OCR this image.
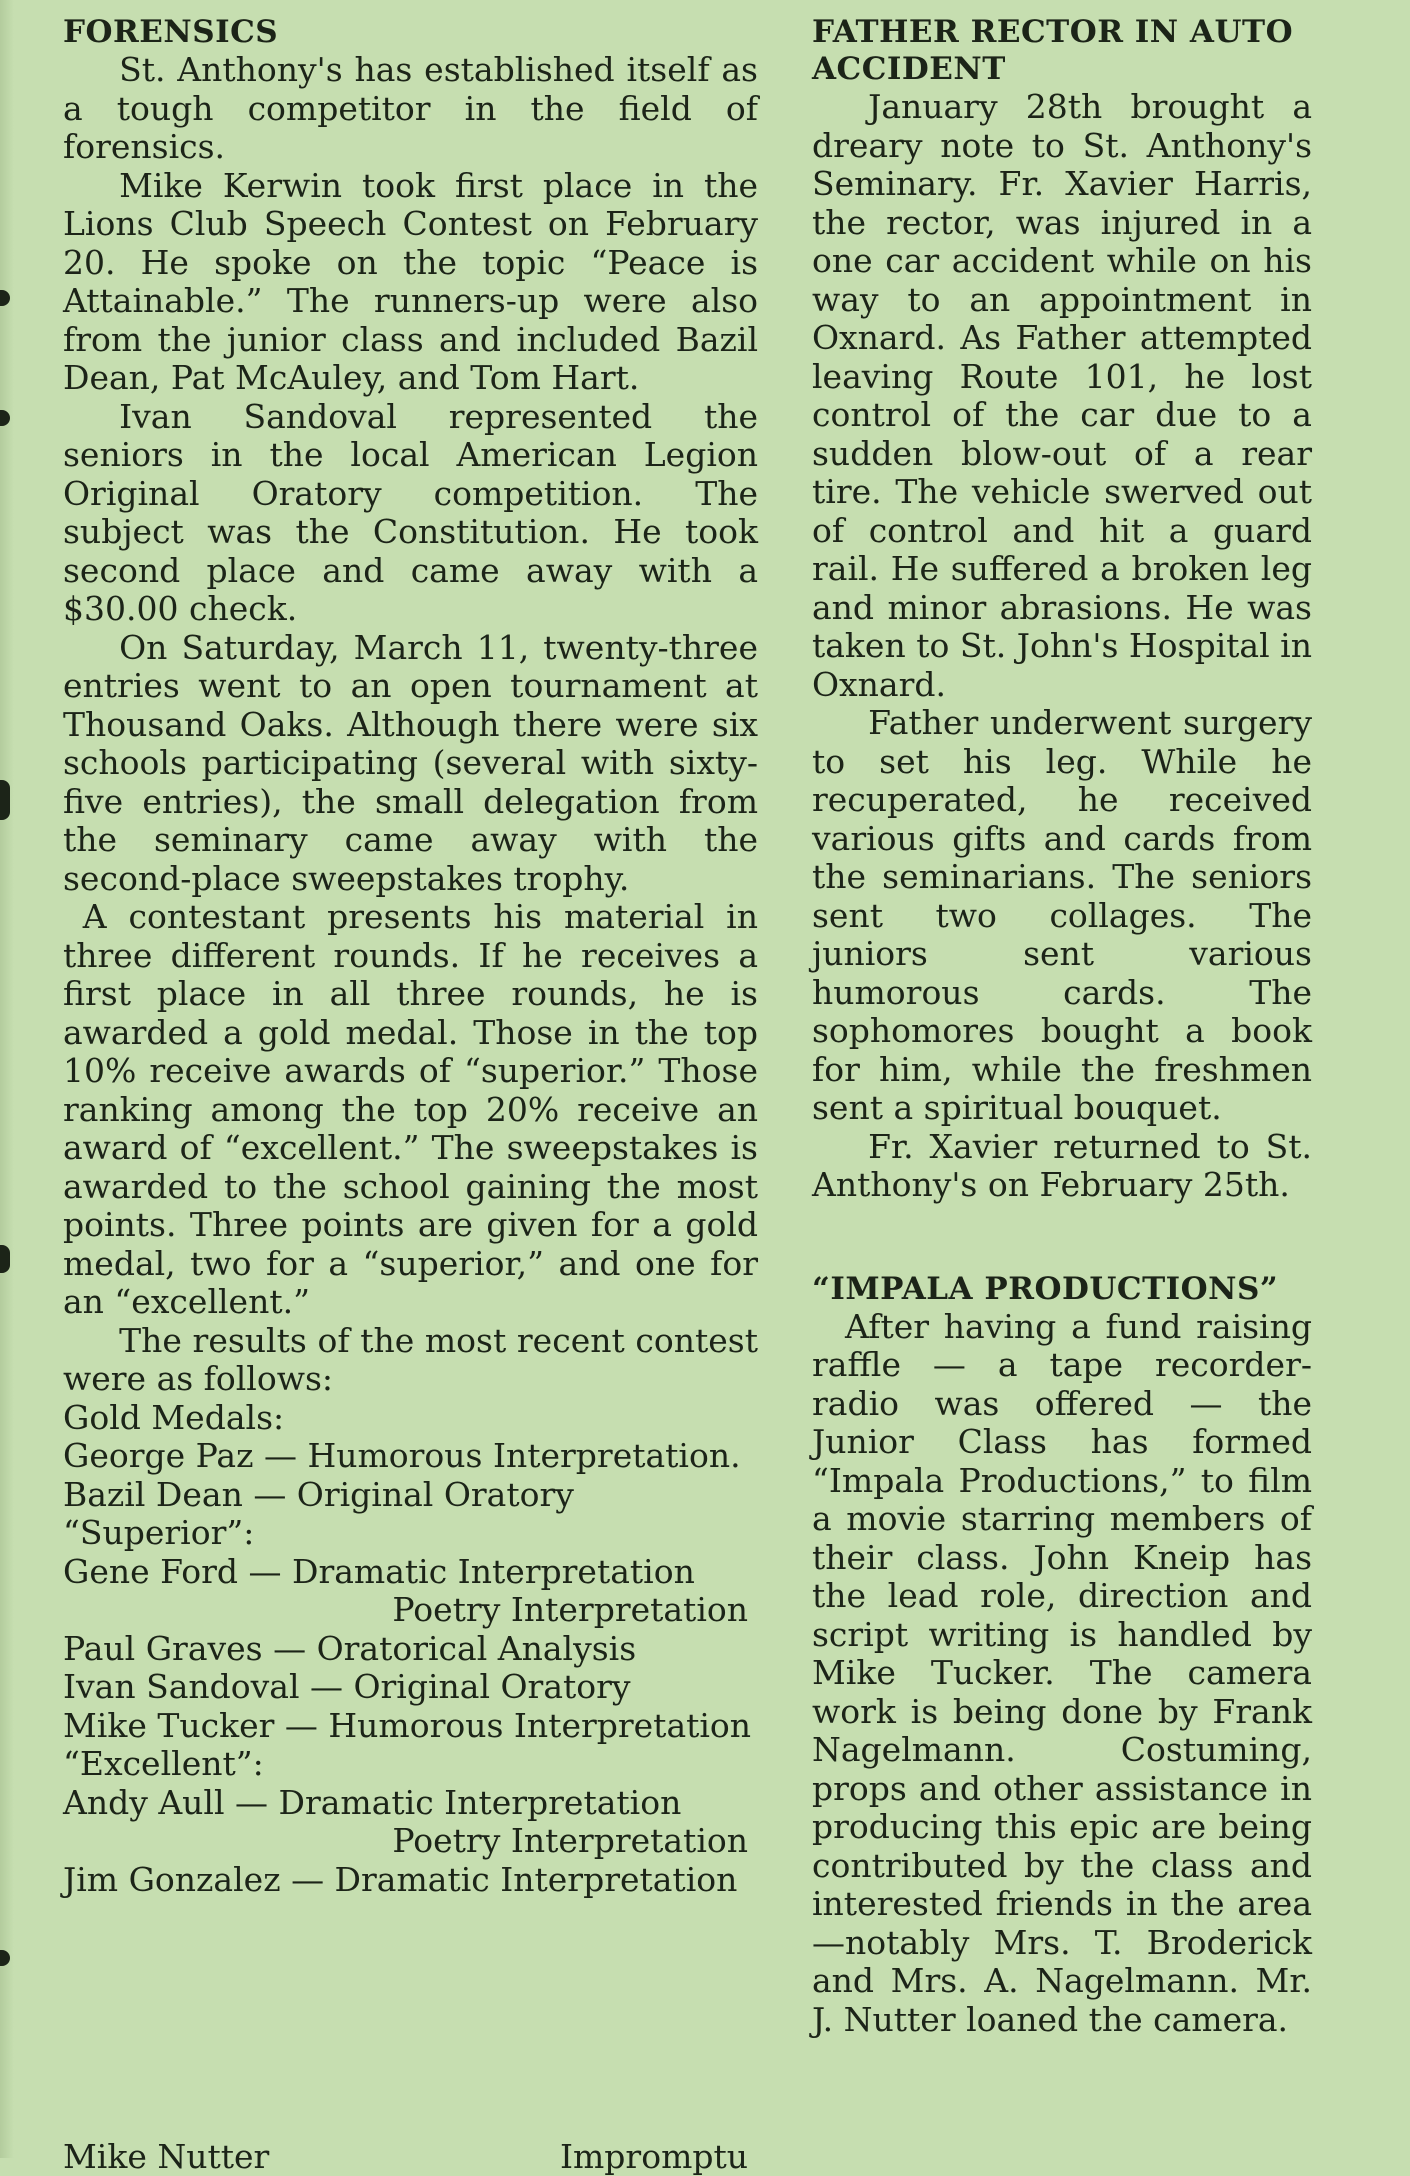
FORENSICS

St. Anthony's has established itself as a tough competitor in the field of forensics.

Mike Kerwin took first place in the Lions Club Speech Contest on February 20. He spoke on the topic “Peace is Attainable.” The runners-up were also from the junior class and included Bazil Dean, Pat McAuley, and Tom Hart.

Ivan Sandoval represented the seniors in the local American Legion Original Oratory competition. The subject was the Constitution. He took second place and came away with a $30.00 check.

On Saturday, March 11, twenty-three entries went to an open tournament at Thousand Oaks. Although there were six schools participating (several with sixty-five entries), the small delegation from the seminary came away with the second-place sweepstakes trophy.

A contestant presents his material in three different rounds. If he receives a first place in all three rounds, he is awarded a gold medal. Those in the top 10% receive awards of “superior.” Those ranking among the top 20% receive an award of “excellent.” The sweepstakes is awarded to the school gaining the most points. Three points are given for a gold medal, two for a “superior,” and one for an “excellent.”

The results of the most recent contest were as follows:

Gold Medals:
George Paz — Humorous Interpretation.
Bazil Dean — Original Oratory
“Superior”:
Gene Ford — Dramatic Interpretation
Poetry Interpretation
Paul Graves — Oratorical Analysis
Ivan Sandoval — Original Oratory
Mike Tucker — Humorous Interpretation
“Excellent”:
Andy Aull — Dramatic Interpretation
Poetry Interpretation
Jim Gonzalez — Dramatic Interpretation
Mike Nutter	Impromptu
FATHER RECTOR IN AUTO ACCIDENT

January 28th brought a dreary note to St. Anthony's Seminary. Fr. Xavier Harris, the rector, was injured in a one car accident while on his way to an appointment in Oxnard. As Father attempted leaving Route 101, he lost control of the car due to a sudden blow-out of a rear tire. The vehicle swerved out of control and hit a guard rail. He suffered a broken leg and minor abrasions. He was taken to St. John's Hospital in Oxnard.

Father underwent surgery to set his leg. While he recuperated, he received various gifts and cards from the seminarians. The seniors sent two collages. The juniors sent various humorous cards. The sophomores bought a book for him, while the freshmen sent a spiritual bouquet.

Fr. Xavier returned to St. Anthony's on February 25th.

“IMPALA PRODUCTIONS”

After having a fund raising raffle — a tape recorder-radio was offered — the Junior Class has formed “Impala Productions,” to film a movie starring members of their class. John Kneip has the lead role, direction and script writing is handled by Mike Tucker. The camera work is being done by Frank Nagelmann. Costuming, props and other assistance in producing this epic are being contributed by the class and interested friends in the area—notably Mrs. T. Broderick and Mrs. A. Nagelmann. Mr. J. Nutter loaned the camera.
